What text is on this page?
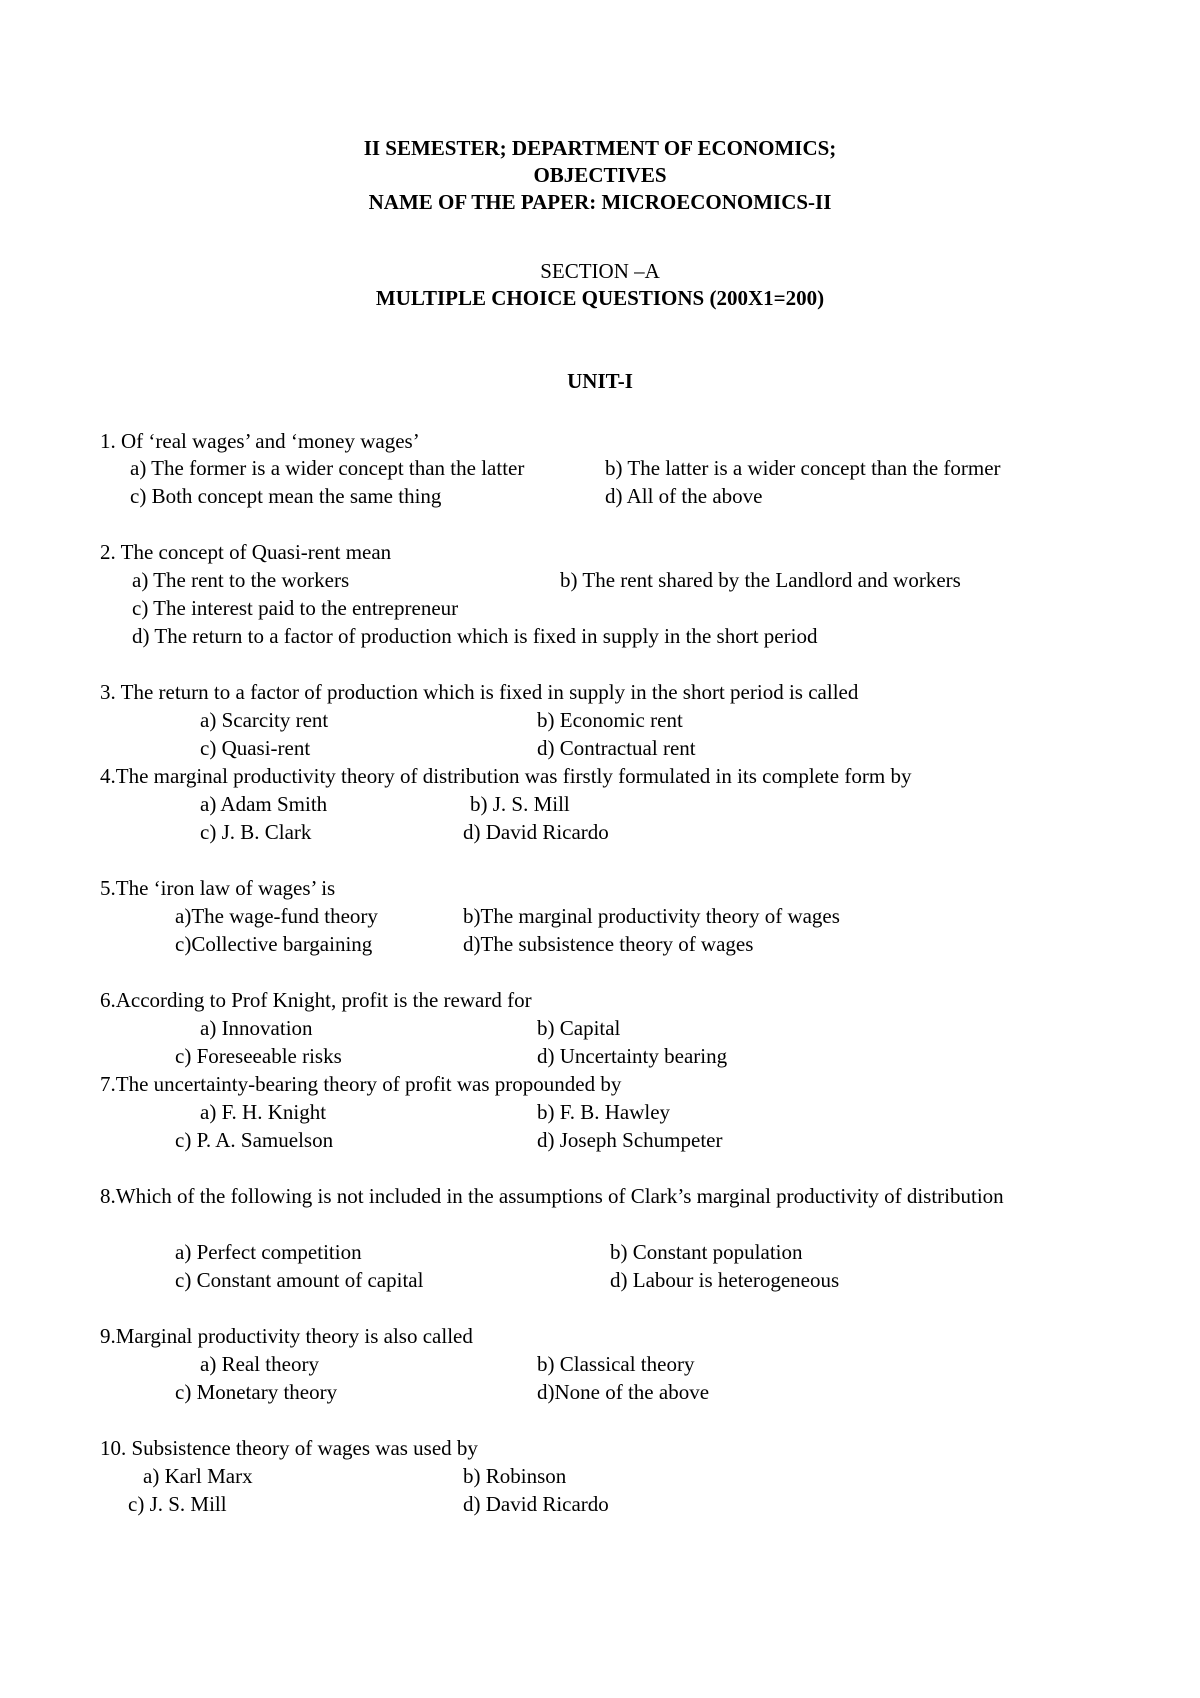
II SEMESTER; DEPARTMENT OF ECONOMICS;
OBJECTIVES
NAME OF THE PAPER: MICROECONOMICS-II
SECTION –A
MULTIPLE CHOICE QUESTIONS (200X1=200)
UNIT-I
1. Of ‘real wages’ and ‘money wages’
a) The former is a wider concept than the latter	b) The latter is a wider concept than the former
c) Both concept mean the same thing	d) All of the above
2. The concept of Quasi-rent mean
a) The rent to the workers	b) The rent shared by the Landlord and workers
c) The interest paid to the entrepreneur
d) The return to a factor of production which is fixed in supply in the short period
3. The return to a factor of production which is fixed in supply in the short period is called
a) Scarcity rent	b) Economic rent
c) Quasi-rent	d) Contractual rent
4.The marginal productivity theory of distribution was firstly formulated in its complete form by
a) Adam Smith	b) J. S. Mill
c) J. B. Clark	d) David Ricardo
5.The ‘iron law of wages’ is
a)The wage-fund theory	b)The marginal productivity theory of wages
c)Collective bargaining	d)The subsistence theory of wages
6.According to Prof Knight, profit is the reward for
a) Innovation	b) Capital
c) Foreseeable risks	d) Uncertainty bearing
7.The uncertainty-bearing theory of profit was propounded by
a) F. H. Knight	b) F. B. Hawley
c) P. A. Samuelson	d) Joseph Schumpeter
8.Which of the following is not included in the assumptions of Clark’s marginal productivity of distribution
a) Perfect competition	b) Constant population
c) Constant amount of capital	d) Labour is heterogeneous
9.Marginal productivity theory is also called
a) Real theory	b) Classical theory
c) Monetary theory	d)None of the above
10. Subsistence theory of wages was used by
a) Karl Marx	b) Robinson
c) J. S. Mill	d) David Ricardo
